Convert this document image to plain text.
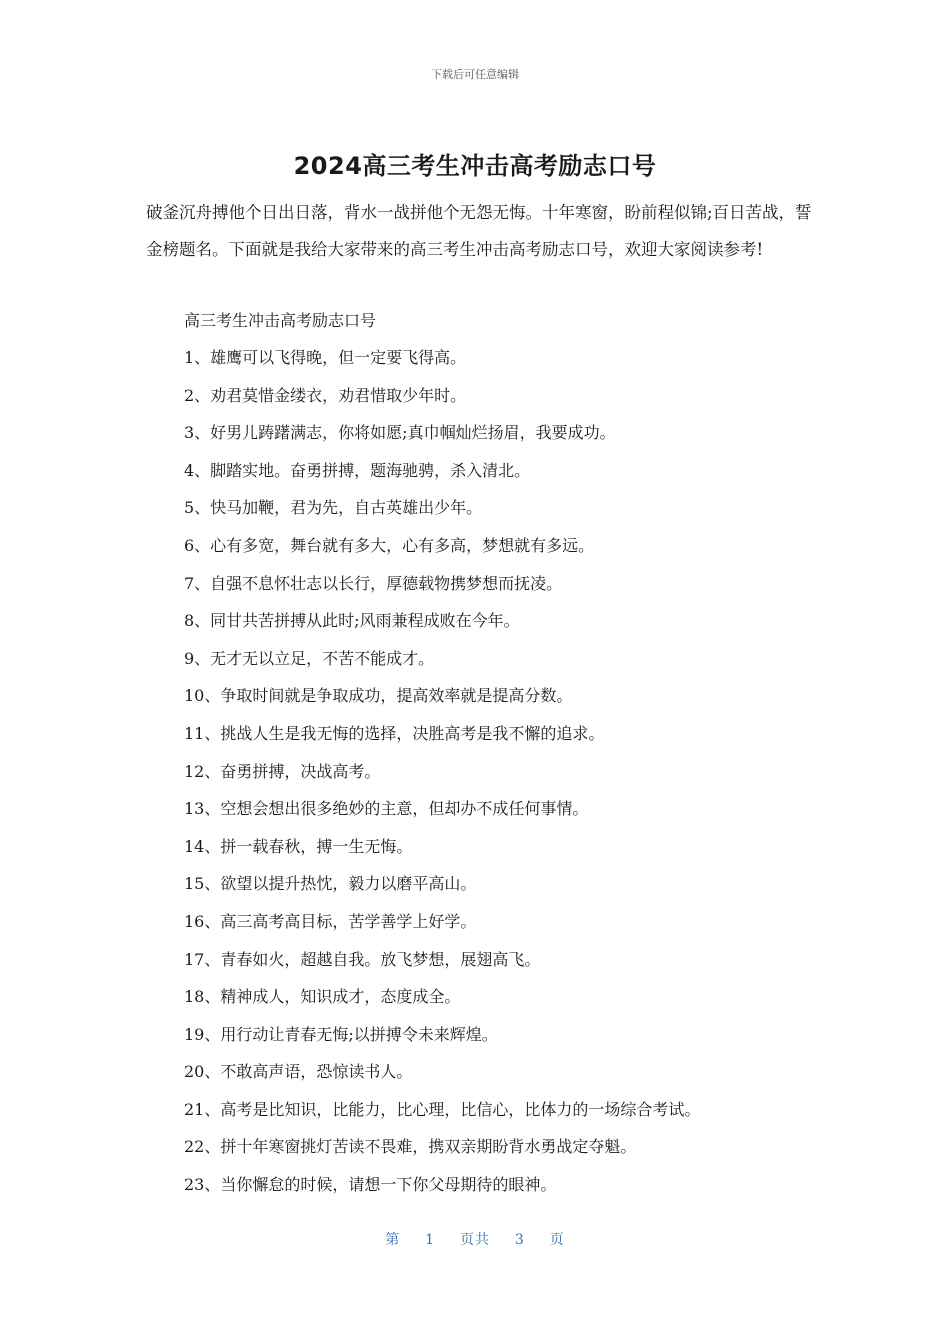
下载后可任意编辑
2024高三考生冲击高考励志口号

破釜沉舟搏他个日出日落，背水一战拼他个无怨无悔。十年寒窗，盼前程似锦;百日苦战，誓金榜题名。下面就是我给大家带来的高三考生冲击高考励志口号，欢迎大家阅读参考!

高三考生冲击高考励志口号
1、雄鹰可以飞得晚，但一定要飞得高。
2、劝君莫惜金缕衣，劝君惜取少年时。
3、好男儿踌躇满志，你将如愿;真巾帼灿烂扬眉，我要成功。
4、脚踏实地。奋勇拼搏，题海驰骋，杀入清北。
5、快马加鞭，君为先，自古英雄出少年。
6、心有多宽，舞台就有多大，心有多高，梦想就有多远。
7、自强不息怀壮志以长行，厚德载物携梦想而抚凌。
8、同甘共苦拼搏从此时;风雨兼程成败在今年。
9、无才无以立足，不苦不能成才。
10、争取时间就是争取成功，提高效率就是提高分数。
11、挑战人生是我无悔的选择，决胜高考是我不懈的追求。
12、奋勇拼搏，决战高考。
13、空想会想出很多绝妙的主意，但却办不成任何事情。
14、拼一载春秋，搏一生无悔。
15、欲望以提升热忱，毅力以磨平高山。
16、高三高考高目标，苦学善学上好学。
17、青春如火，超越自我。放飞梦想，展翅高飞。
18、精神成人，知识成才，态度成全。
19、用行动让青春无悔;以拼搏令未来辉煌。
20、不敢高声语，恐惊读书人。
21、高考是比知识，比能力，比心理，比信心，比体力的一场综合考试。
22、拼十年寒窗挑灯苦读不畏难，携双亲期盼背水勇战定夺魁。
23、当你懈怠的时候，请想一下你父母期待的眼神。
第 1 页共 3 页
